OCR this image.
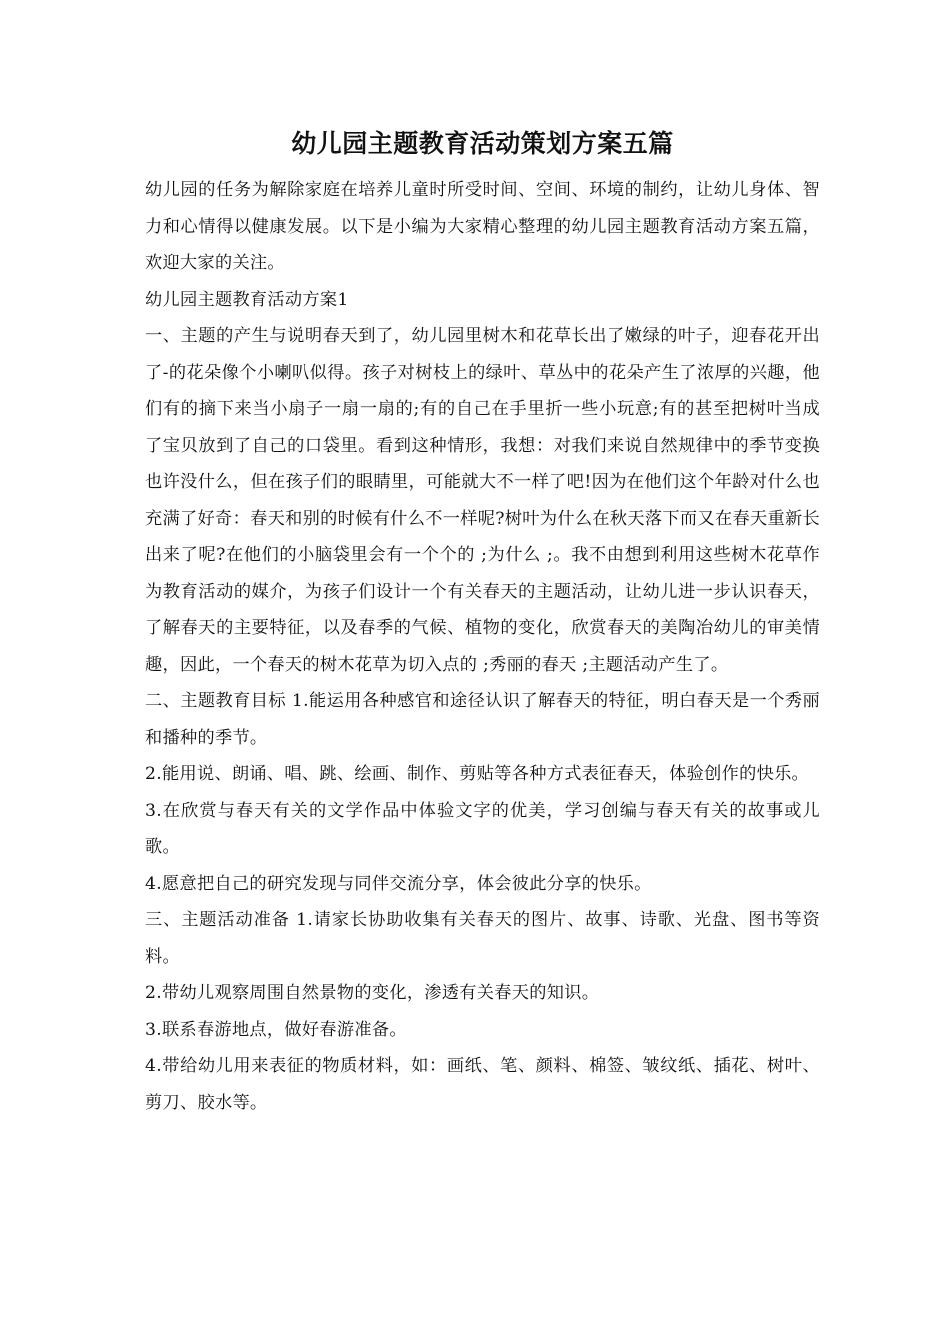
幼儿园主题教育活动策划方案五篇

幼儿园的任务为解除家庭在培养儿童时所受时间、空间、环境的制约，让幼儿身体、智力和心情得以健康发展。以下是小编为大家精心整理的幼儿园主题教育活动方案五篇，欢迎大家的关注。

幼儿园主题教育活动方案1

一、主题的产生与说明春天到了，幼儿园里树木和花草长出了嫩绿的叶子，迎春花开出了-的花朵像个小喇叭似得。孩子对树枝上的绿叶、草丛中的花朵产生了浓厚的兴趣，他们有的摘下来当小扇子一扇一扇的;有的自己在手里折一些小玩意;有的甚至把树叶当成了宝贝放到了自己的口袋里。看到这种情形，我想：对我们来说自然规律中的季节变换也许没什么，但在孩子们的眼睛里，可能就大不一样了吧!因为在他们这个年龄对什么也充满了好奇：春天和别的时候有什么不一样呢?树叶为什么在秋天落下而又在春天重新长出来了呢?在他们的小脑袋里会有一个个的 ;为什么 ;。我不由想到利用这些树木花草作为教育活动的媒介，为孩子们设计一个有关春天的主题活动，让幼儿进一步认识春天，了解春天的主要特征，以及春季的气候、植物的变化，欣赏春天的美陶冶幼儿的审美情趣，因此，一个春天的树木花草为切入点的 ;秀丽的春天 ;主题活动产生了。

二、主题教育目标 1.能运用各种感官和途径认识了解春天的特征，明白春天是一个秀丽和播种的季节。

2.能用说、朗诵、唱、跳、绘画、制作、剪贴等各种方式表征春天，体验创作的快乐。

3.在欣赏与春天有关的文学作品中体验文字的优美，学习创编与春天有关的故事或儿歌。

4.愿意把自己的研究发现与同伴交流分享，体会彼此分享的快乐。

三、主题活动准备 1.请家长协助收集有关春天的图片、故事、诗歌、光盘、图书等资料。

2.带幼儿观察周围自然景物的变化，渗透有关春天的知识。

3.联系春游地点，做好春游准备。

4.带给幼儿用来表征的物质材料，如：画纸、笔、颜料、棉签、皱纹纸、插花、树叶、剪刀、胶水等。
